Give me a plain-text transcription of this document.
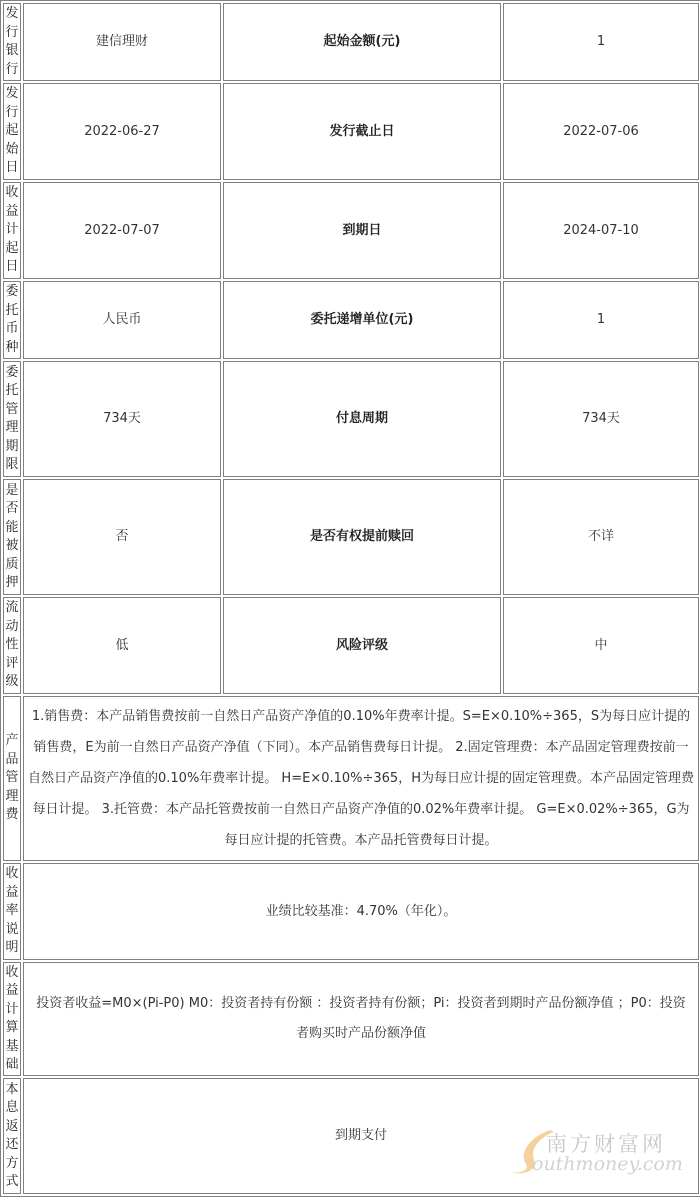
发行银行	建信理财	起始金额(元)	1
发行起始日	2022-06-27	发行截止日	2022-07-06
收益计起日	2022-07-07	到期日	2024-07-10
委托币种	人民币	委托递增单位(元)	1
委托管理期限	734天	付息周期	734天
是否能被质押	否	是否有权提前赎回	不详
流动性评级	低	风险评级	中
产品管理费	1.销售费：本产品销售费按前一自然日产品资产净值的0.10%年费率计提。S=E×0.10%÷365，S为每日应计提的销售费，E为前一自然日产品资产净值（下同）。本产品销售费每日计提。 2.固定管理费：本产品固定管理费按前一自然日产品资产净值的0.10%年费率计提。 H=E×0.10%÷365，H为每日应计提的固定管理费。本产品固定管理费每日计提。 3.托管费：本产品托管费按前一自然日产品资产净值的0.02%年费率计提。 G=E×0.02%÷365，G为每日应计提的托管费。本产品托管费每日计提。		
收益率说明	业绩比较基准：4.70%（年化）。		
收益计算基础	投资者收益=M0×(Pi-P0) M0：投资者持有份额 ：投资者持有份额；Pi：投资者到期时产品份额净值 ；P0：投资者购买时产品份额净值		
本息返还方式	到期支付			南方财富网
outhmoney.com
